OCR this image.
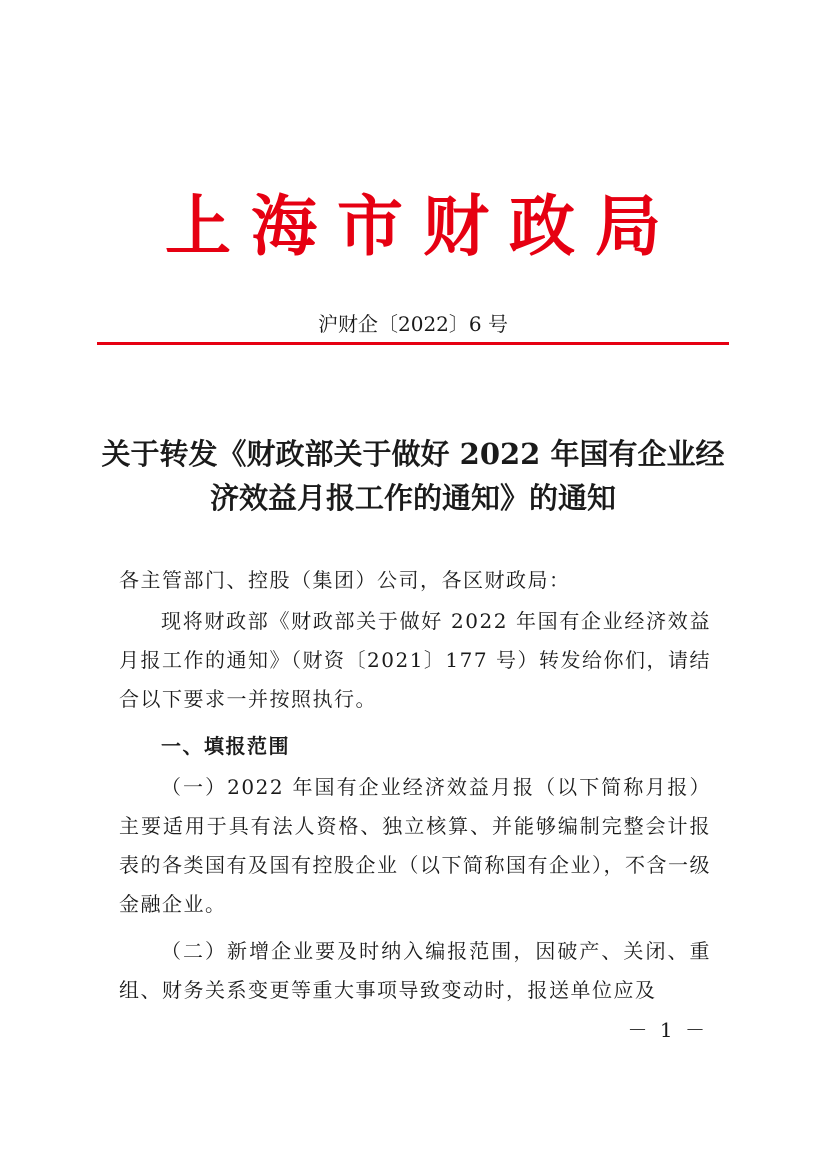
上 海 市 财 政 局
沪财企〔2022〕6 号
关于转发《财政部关于做好 2022 年国有企业经济效益月报工作的通知》的通知
各主管部门、控股（集团）公司，各区财政局：
现将财政部《财政部关于做好 2022 年国有企业经济效益月报工作的通知》（财资〔2021〕177 号）转发给你们，请结合以下要求一并按照执行。
一、填报范围
（一）2022 年国有企业经济效益月报（以下简称月报）主要适用于具有法人资格、独立核算、并能够编制完整会计报表的各类国有及国有控股企业（以下简称国有企业），不含一级金融企业。
（二）新增企业要及时纳入编报范围，因破产、关闭、重组、财务关系变更等重大事项导致变动时，报送单位应及
－ 1 －
